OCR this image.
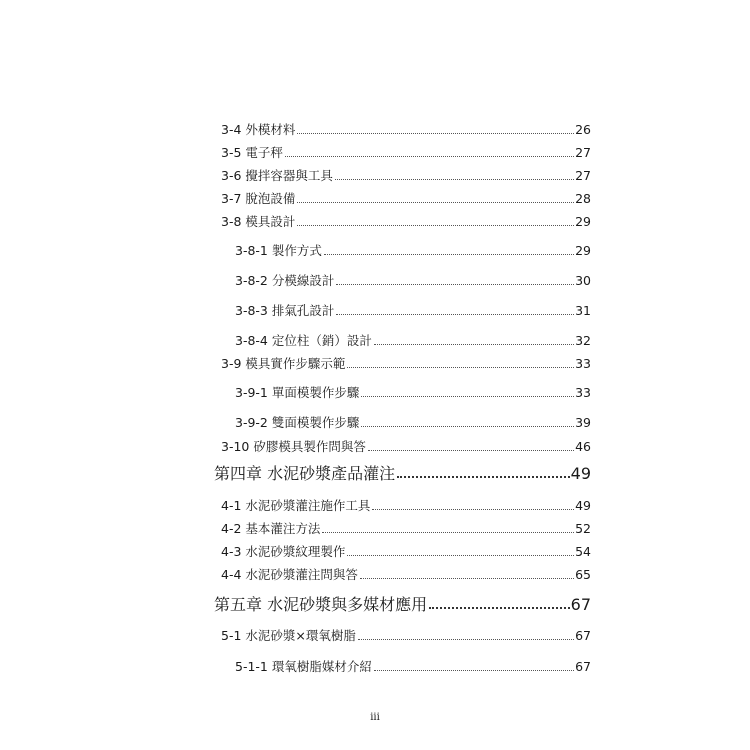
3-4 外模材料	26
3-5 電子秤	27
3-6 攪拌容器與工具	27
3-7 脫泡設備	28
3-8 模具設計	29
3-8-1 製作方式	29
3-8-2 分模線設計	30
3-8-3 排氣孔設計	31
3-8-4 定位柱（銷）設計	32
3-9 模具實作步驟示範	33
3-9-1 單面模製作步驟	33
3-9-2 雙面模製作步驟	39
3-10 矽膠模具製作問與答	46
第四章 水泥砂漿產品灌注	49
4-1 水泥砂漿灌注施作工具	49
4-2 基本灌注方法	52
4-3 水泥砂漿紋理製作	54
4-4 水泥砂漿灌注問與答	65
第五章 水泥砂漿與多媒材應用	67
5-1 水泥砂漿×環氧樹脂	67
5-1-1 環氧樹脂媒材介紹	67
iii
